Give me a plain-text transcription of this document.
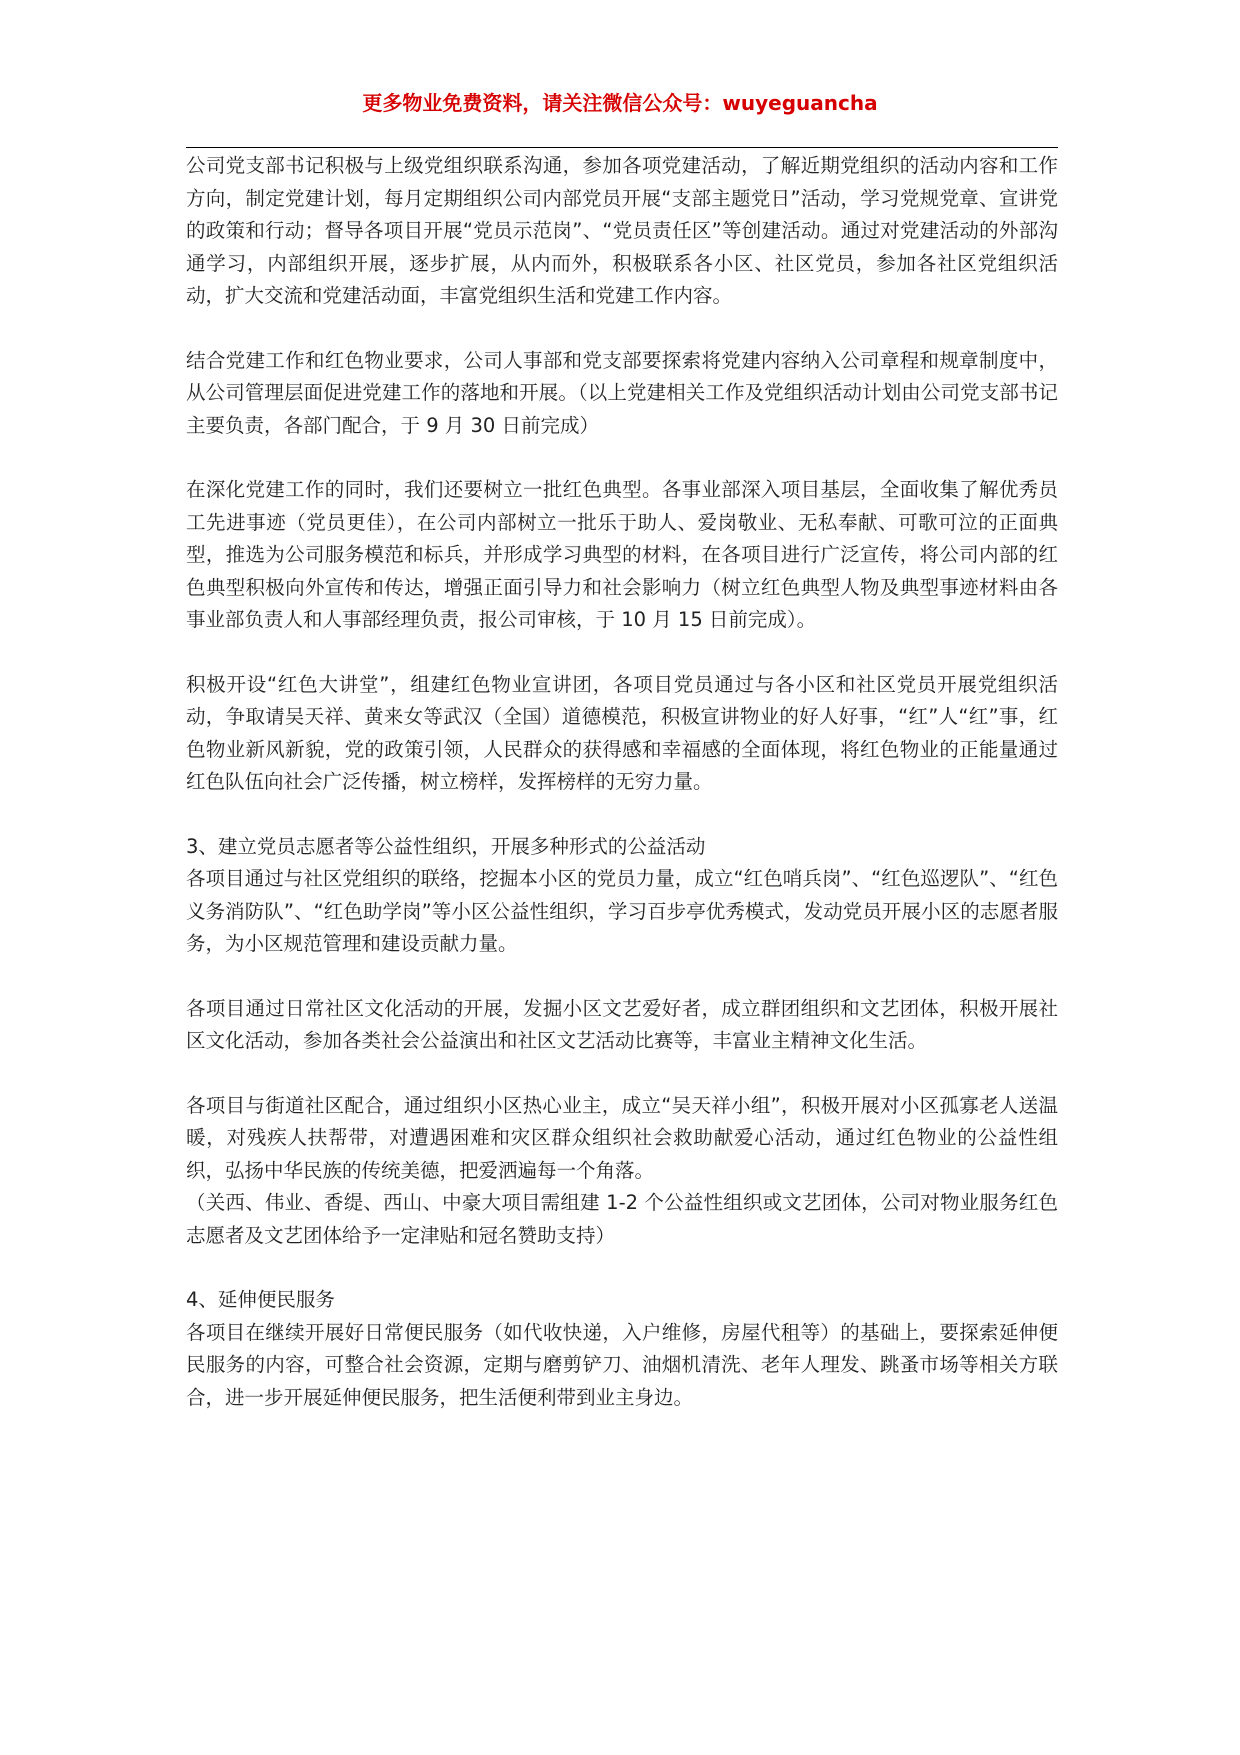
更多物业免费资料，请关注微信公众号：wuyeguancha

公司党支部书记积极与上级党组织联系沟通，参加各项党建活动，了解近期党组织的活动内容和工作方向，制定党建计划，每月定期组织公司内部党员开展“支部主题党日”活动，学习党规党章、宣讲党的政策和行动；督导各项目开展“党员示范岗”、“党员责任区”等创建活动。通过对党建活动的外部沟通学习，内部组织开展，逐步扩展，从内而外，积极联系各小区、社区党员，参加各社区党组织活动，扩大交流和党建活动面，丰富党组织生活和党建工作内容。

结合党建工作和红色物业要求，公司人事部和党支部要探索将党建内容纳入公司章程和规章制度中，从公司管理层面促进党建工作的落地和开展。（以上党建相关工作及党组织活动计划由公司党支部书记主要负责，各部门配合，于 9 月 30 日前完成）

在深化党建工作的同时，我们还要树立一批红色典型。各事业部深入项目基层，全面收集了解优秀员工先进事迹（党员更佳），在公司内部树立一批乐于助人、爱岗敬业、无私奉献、可歌可泣的正面典型，推选为公司服务模范和标兵，并形成学习典型的材料，在各项目进行广泛宣传，将公司内部的红色典型积极向外宣传和传达，增强正面引导力和社会影响力（树立红色典型人物及典型事迹材料由各事业部负责人和人事部经理负责，报公司审核，于 10 月 15 日前完成）。

积极开设“红色大讲堂”，组建红色物业宣讲团，各项目党员通过与各小区和社区党员开展党组织活动，争取请吴天祥、黄来女等武汉（全国）道德模范，积极宣讲物业的好人好事，“红”人“红”事，红色物业新风新貌，党的政策引领，人民群众的获得感和幸福感的全面体现，将红色物业的正能量通过红色队伍向社会广泛传播，树立榜样，发挥榜样的无穷力量。

3、建立党员志愿者等公益性组织，开展多种形式的公益活动

各项目通过与社区党组织的联络，挖掘本小区的党员力量，成立“红色哨兵岗”、“红色巡逻队”、“红色义务消防队”、“红色助学岗”等小区公益性组织，学习百步亭优秀模式，发动党员开展小区的志愿者服务，为小区规范管理和建设贡献力量。

各项目通过日常社区文化活动的开展，发掘小区文艺爱好者，成立群团组织和文艺团体，积极开展社区文化活动，参加各类社会公益演出和社区文艺活动比赛等，丰富业主精神文化生活。

各项目与街道社区配合，通过组织小区热心业主，成立“吴天祥小组”，积极开展对小区孤寡老人送温暖，对残疾人扶帮带，对遭遇困难和灾区群众组织社会救助献爱心活动，通过红色物业的公益性组织，弘扬中华民族的传统美德，把爱洒遍每一个角落。

（关西、伟业、香缇、西山、中豪大项目需组建 1-2 个公益性组织或文艺团体，公司对物业服务红色志愿者及文艺团体给予一定津贴和冠名赞助支持）

4、延伸便民服务

各项目在继续开展好日常便民服务（如代收快递，入户维修，房屋代租等）的基础上，要探索延伸便民服务的内容，可整合社会资源，定期与磨剪铲刀、油烟机清洗、老年人理发、跳蚤市场等相关方联合，进一步开展延伸便民服务，把生活便利带到业主身边。
